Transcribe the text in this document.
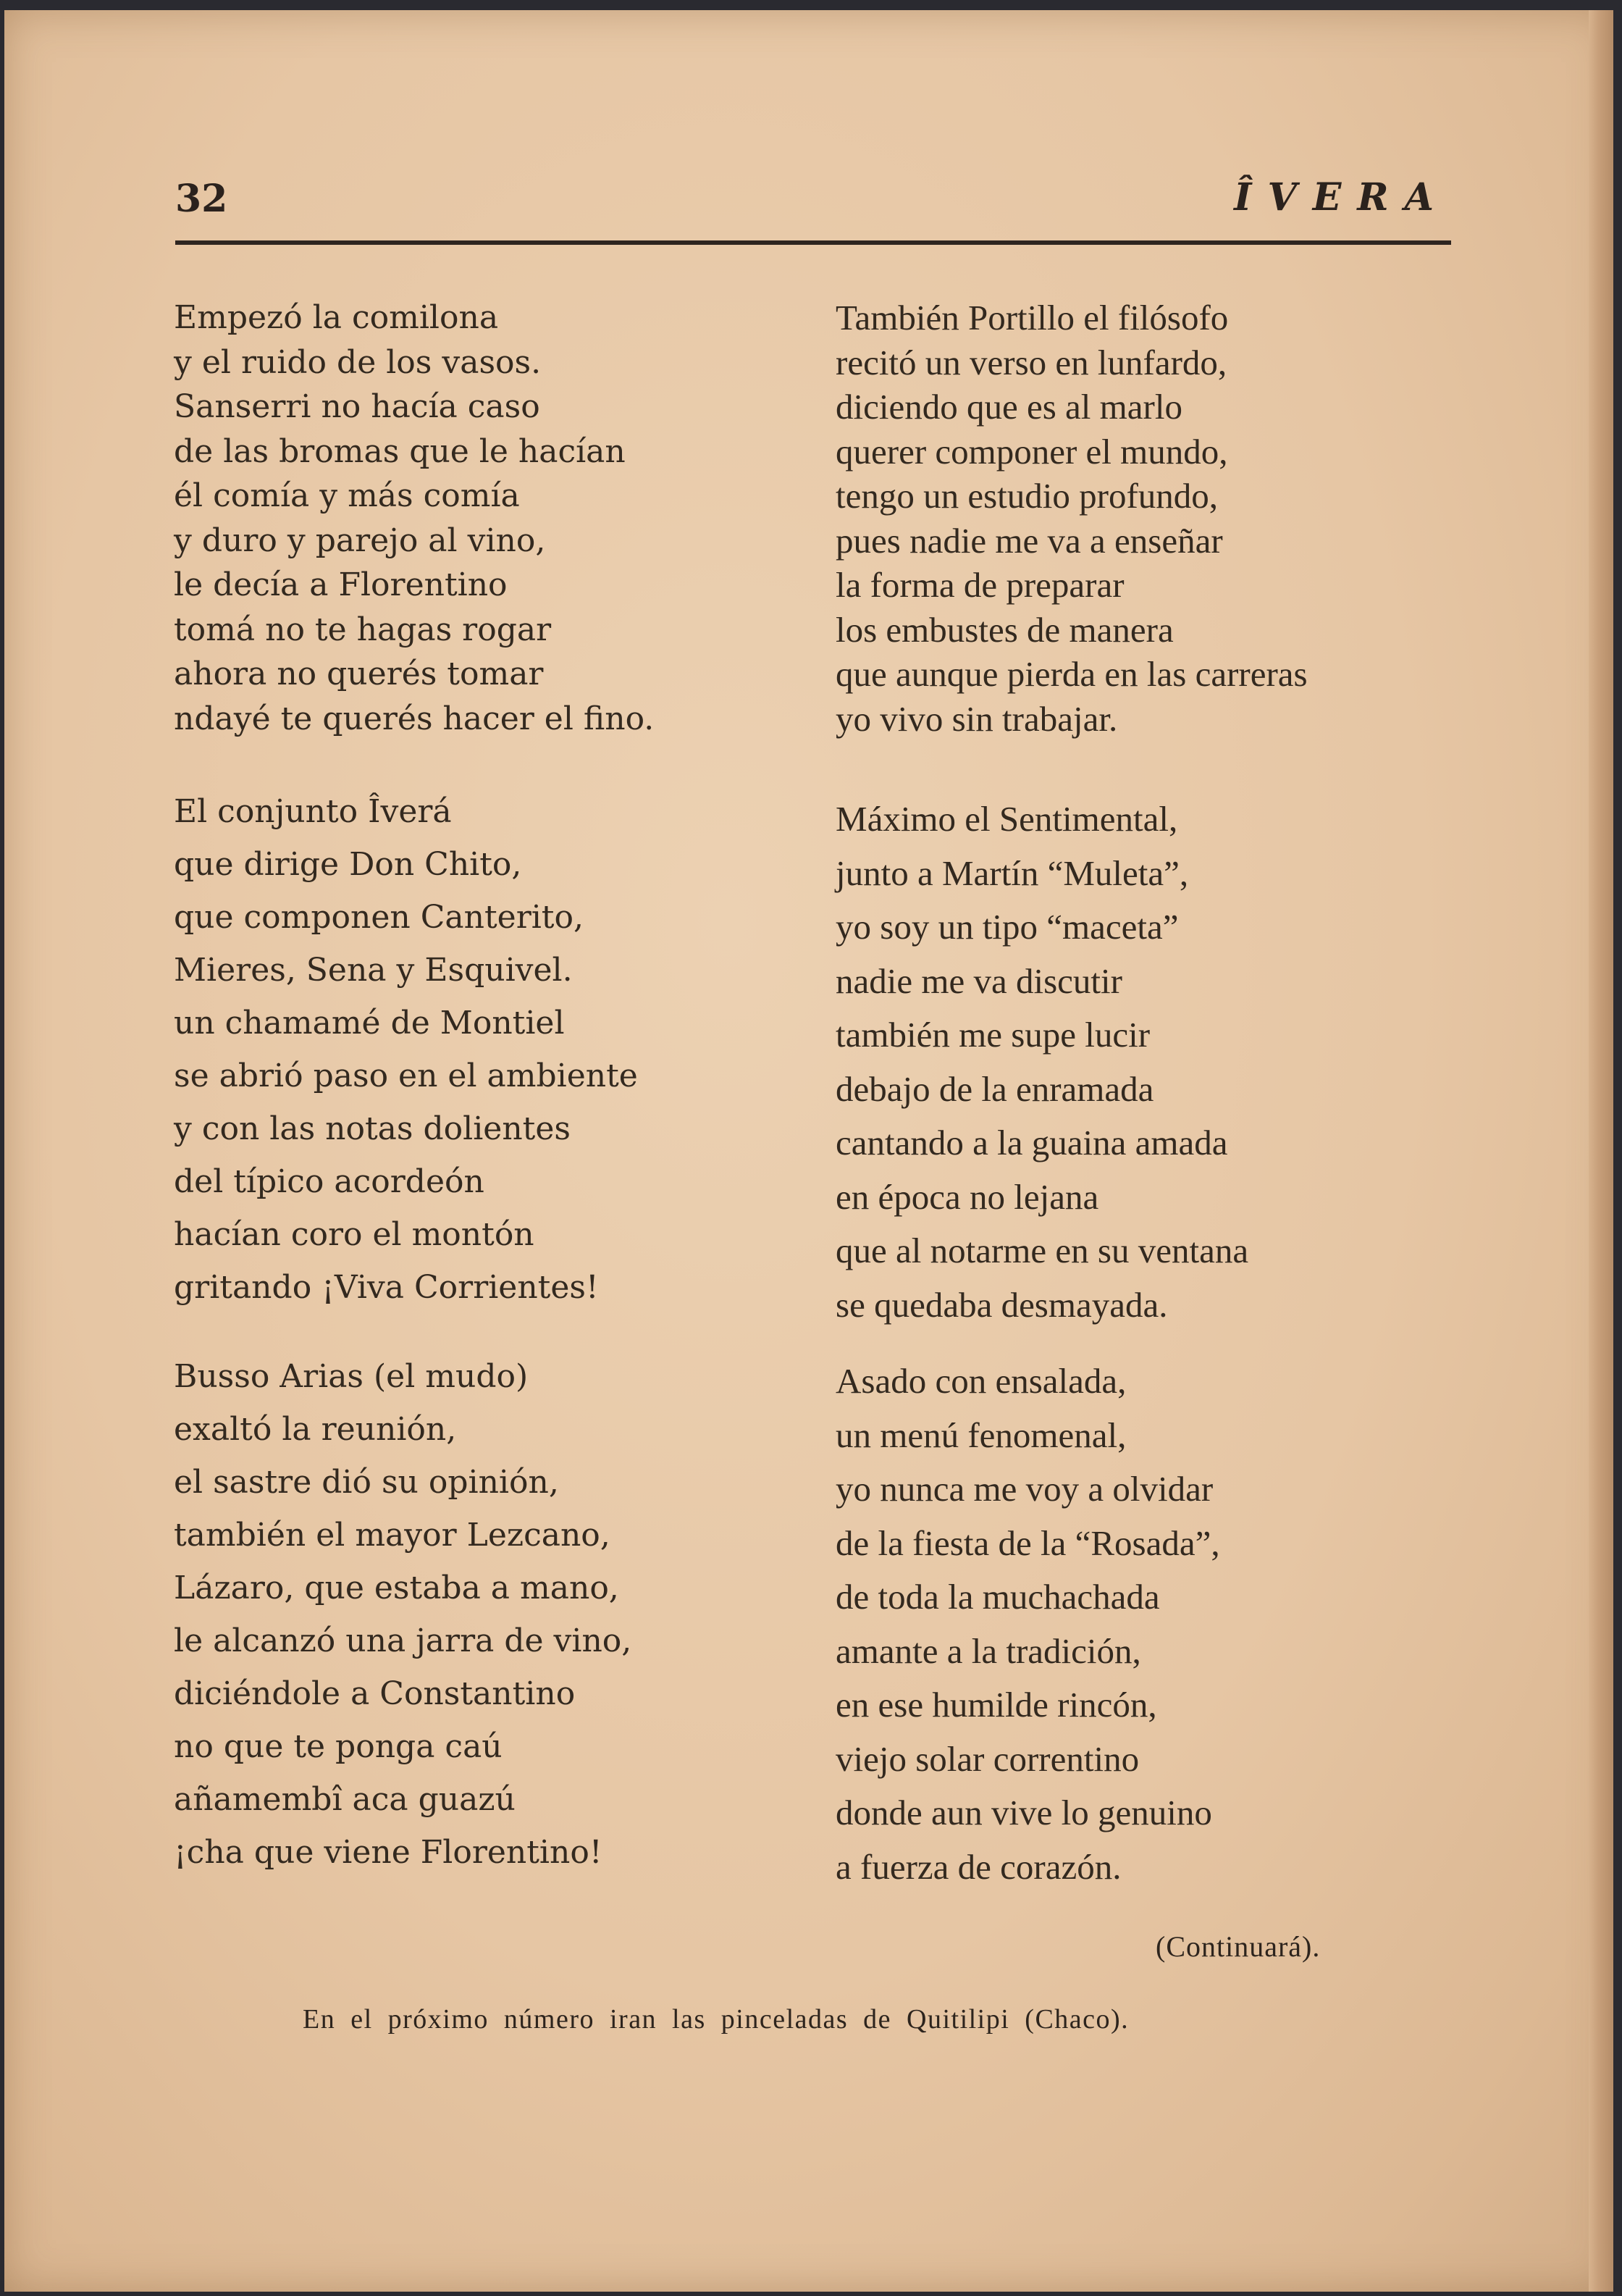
32	ÎVERA
Empezó la comilona
y el ruido de los vasos.
Sanserri no hacía caso
de las bromas que le hacían
él comía y más comía
y duro y parejo al vino,
le decía a Florentino
tomá no te hagas rogar
ahora no querés tomar
ndayé te querés hacer el fino.
El conjunto Îverá
que dirige Don Chito,
que componen Canterito,
Mieres, Sena y Esquivel.
un chamamé de Montiel
se abrió paso en el ambiente
y con las notas dolientes
del típico acordeón
hacían coro el montón
gritando ¡Viva Corrientes!
Busso Arias (el mudo)
exaltó la reunión,
el sastre dió su opinión,
también el mayor Lezcano,
Lázaro, que estaba a mano,
le alcanzó una jarra de vino,
diciéndole a Constantino
no que te ponga caú
añamembî aca guazú
¡cha que viene Florentino!
También Portillo el filósofo
recitó un verso en lunfardo,
diciendo que es al marlo
querer componer el mundo,
tengo un estudio profundo,
pues nadie me va a enseñar
la forma de preparar
los embustes de manera
que aunque pierda en las carreras
yo vivo sin trabajar.
Máximo el Sentimental,
junto a Martín “Muleta”,
yo soy un tipo “maceta”
nadie me va discutir
también me supe lucir
debajo de la enramada
cantando a la guaina amada
en época no lejana
que al notarme en su ventana
se quedaba desmayada.
Asado con ensalada,
un menú fenomenal,
yo nunca me voy a olvidar
de la fiesta de la “Rosada”,
de toda la muchachada
amante a la tradición,
en ese humilde rincón,
viejo solar correntino
donde aun vive lo genuino
a fuerza de corazón.
(Continuará).
En el próximo número iran las pinceladas de Quitilipi (Chaco).
